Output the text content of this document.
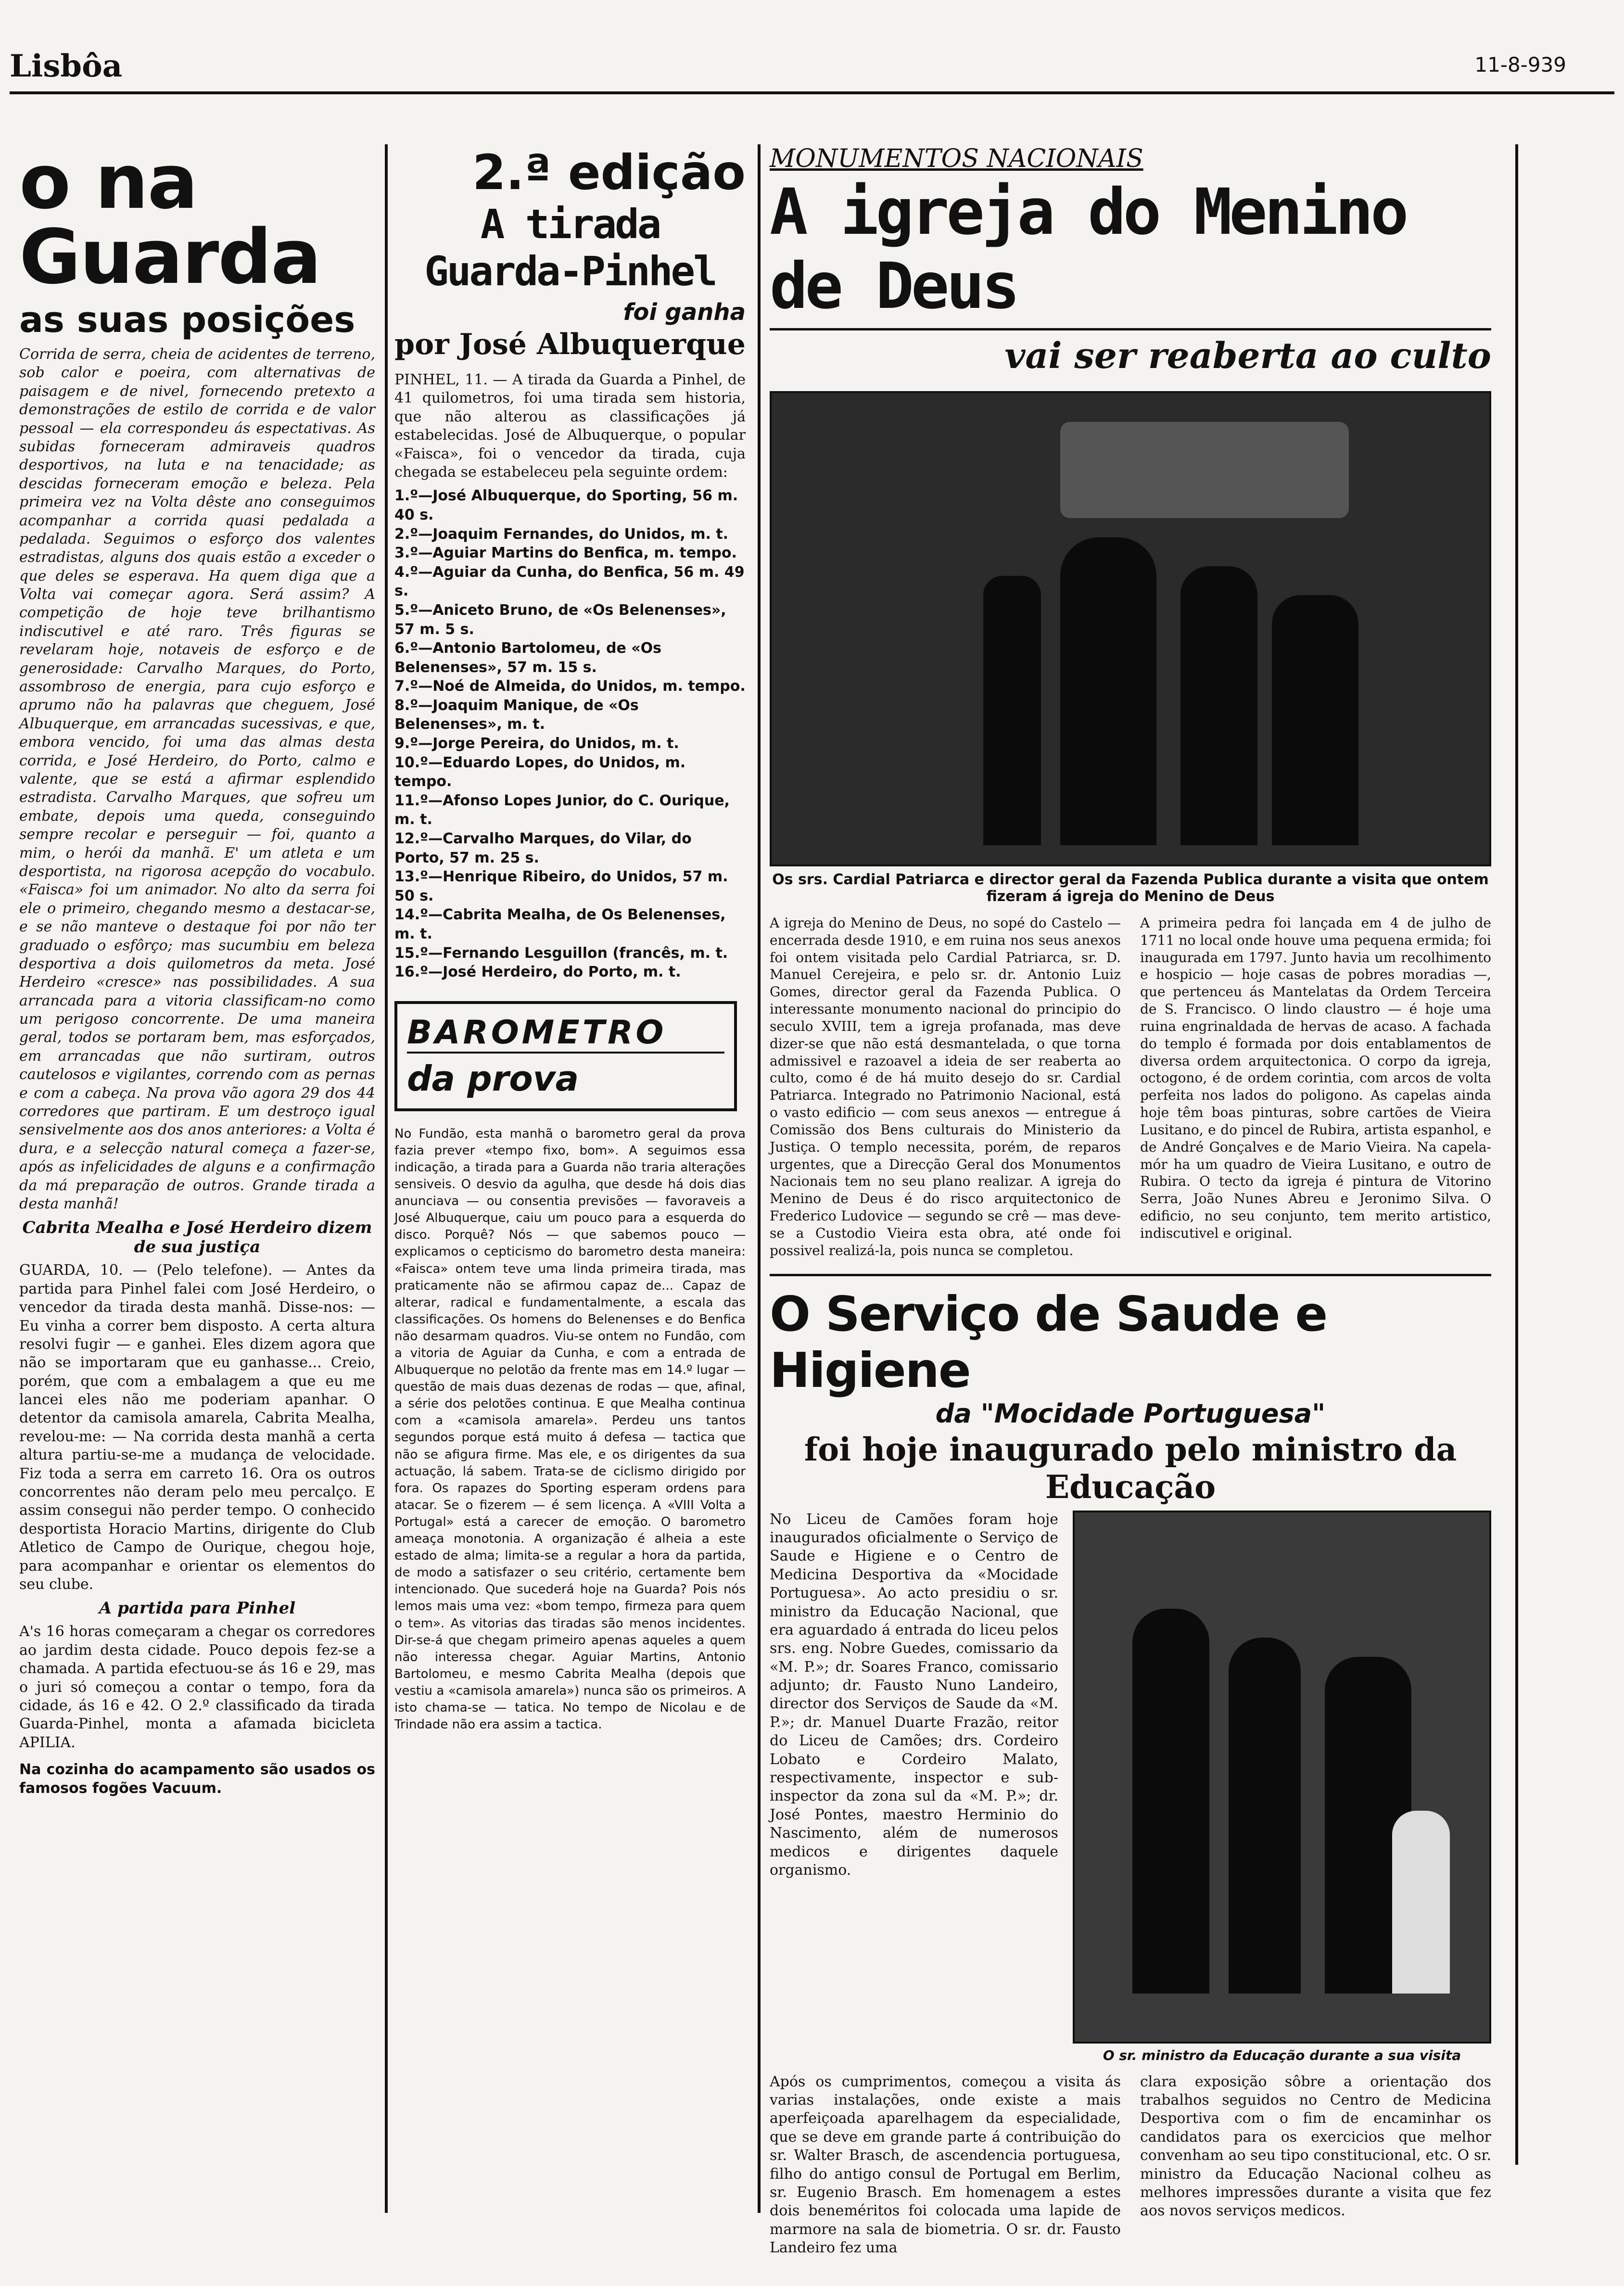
Lisbôa	11-8-939
o na Guarda
as suas posições
Corrida de serra, cheia de acidentes de terreno, sob calor e poeira, com alternativas de paisagem e de nivel, fornecendo pretexto a demonstrações de estilo de corrida e de valor pessoal — ela correspondeu ás espectativas. As subidas forneceram admiraveis quadros desportivos, na luta e na tenacidade; as descidas forneceram emoção e beleza. Pela primeira vez na Volta dêste ano conseguimos acompanhar a corrida quasi pedalada a pedalada. Seguimos o esforço dos valentes estradistas, alguns dos quais estão a exceder o que deles se esperava. Ha quem diga que a Volta vai começar agora. Será assim? A competição de hoje teve brilhantismo indiscutivel e até raro. Três figuras se revelaram hoje, notaveis de esforço e de generosidade: Carvalho Marques, do Porto, assombroso de energia, para cujo esforço e aprumo não ha palavras que cheguem, José Albuquerque, em arrancadas sucessivas, e que, embora vencido, foi uma das almas desta corrida, e José Herdeiro, do Porto, calmo e valente, que se está a afirmar esplendido estradista. Carvalho Marques, que sofreu um embate, depois uma queda, conseguindo sempre recolar e perseguir — foi, quanto a mim, o herói da manhã. E' um atleta e um desportista, na rigorosa acepção do vocabulo. «Faisca» foi um animador. No alto da serra foi ele o primeiro, chegando mesmo a destacar-se, e se não manteve o destaque foi por não ter graduado o esfôrço; mas sucumbiu em beleza desportiva a dois quilometros da meta. José Herdeiro «cresce» nas possibilidades. A sua arrancada para a vitoria classificam-no como um perigoso concorrente. De uma maneira geral, todos se portaram bem, mas esforçados, em arrancadas que não surtiram, outros cautelosos e vigilantes, correndo com as pernas e com a cabeça. Na prova vão agora 29 dos 44 corredores que partiram. E um destroço igual sensivelmente aos dos anos anteriores: a Volta é dura, e a selecção natural começa a fazer-se, após as infelicidades de alguns e a confirmação da má preparação de outros. Grande tirada a desta manhã!
Cabrita Mealha e José Herdeiro dizem de sua justiça
GUARDA, 10. — (Pelo telefone). — Antes da partida para Pinhel falei com José Herdeiro, o vencedor da tirada desta manhã. Disse-nos: — Eu vinha a correr bem disposto. A certa altura resolvi fugir — e ganhei. Eles dizem agora que não se importaram que eu ganhasse... Creio, porém, que com a embalagem a que eu me lancei eles não me poderiam apanhar. O detentor da camisola amarela, Cabrita Mealha, revelou-me: — Na corrida desta manhã a certa altura partiu-se-me a mudança de velocidade. Fiz toda a serra em carreto 16. Ora os outros concorrentes não deram pelo meu percalço. E assim consegui não perder tempo. O conhecido desportista Horacio Martins, dirigente do Club Atletico de Campo de Ourique, chegou hoje, para acompanhar e orientar os elementos do seu clube.
A partida para Pinhel
A's 16 horas começaram a chegar os corredores ao jardim desta cidade. Pouco depois fez-se a chamada. A partida efectuou-se ás 16 e 29, mas o juri só começou a contar o tempo, fora da cidade, ás 16 e 42. O 2.º classificado da tirada Guarda-Pinhel, monta a afamada bicicleta APILIA.
Na cozinha do acampamento são usados os famosos fogões Vacuum.
2.ª edição
A tirada Guarda-Pinhel
foi ganha
por José Albuquerque
PINHEL, 11. — A tirada da Guarda a Pinhel, de 41 quilometros, foi uma tirada sem historia, que não alterou as classificações já estabelecidas. José de Albuquerque, o popular «Faisca», foi o vencedor da tirada, cuja chegada se estabeleceu pela seguinte ordem:
1.º—José Albuquerque, do Sporting, 56 m. 40 s.
2.º—Joaquim Fernandes, do Unidos, m. t.
3.º—Aguiar Martins do Benfica, m. tempo.
4.º—Aguiar da Cunha, do Benfica, 56 m. 49 s.
5.º—Aniceto Bruno, de «Os Belenenses», 57 m. 5 s.
6.º—Antonio Bartolomeu, de «Os Belenenses», 57 m. 15 s.
7.º—Noé de Almeida, do Unidos, m. tempo.
8.º—Joaquim Manique, de «Os Belenenses», m. t.
9.º—Jorge Pereira, do Unidos, m. t.
10.º—Eduardo Lopes, do Unidos, m. tempo.
11.º—Afonso Lopes Junior, do C. Ourique, m. t.
12.º—Carvalho Marques, do Vilar, do Porto, 57 m. 25 s.
13.º—Henrique Ribeiro, do Unidos, 57 m. 50 s.
14.º—Cabrita Mealha, de Os Belenenses, m. t.
15.º—Fernando Lesguillon (francês, m. t.
16.º—José Herdeiro, do Porto, m. t.
BAROMETRO
da prova
No Fundão, esta manhã o barometro geral da prova fazia prever «tempo fixo, bom». A seguimos essa indicação, a tirada para a Guarda não traria alterações sensiveis. O desvio da agulha, que desde há dois dias anunciava — ou consentia previsões — favoraveis a José Albuquerque, caiu um pouco para a esquerda do disco. Porquê? Nós — que sabemos pouco — explicamos o cepticismo do barometro desta maneira: «Faisca» ontem teve uma linda primeira tirada, mas praticamente não se afirmou capaz de... Capaz de alterar, radical e fundamentalmente, a escala das classificações. Os homens do Belenenses e do Benfica não desarmam quadros. Viu-se ontem no Fundão, com a vitoria de Aguiar da Cunha, e com a entrada de Albuquerque no pelotão da frente mas em 14.º lugar — questão de mais duas dezenas de rodas — que, afinal, a série dos pelotões continua. E que Mealha continua com a «camisola amarela». Perdeu uns tantos segundos porque está muito á defesa — tactica que não se afigura firme. Mas ele, e os dirigentes da sua actuação, lá sabem. Trata-se de ciclismo dirigido por fora. Os rapazes do Sporting esperam ordens para atacar. Se o fizerem — é sem licença. A «VIII Volta a Portugal» está a carecer de emoção. O barometro ameaça monotonia. A organização é alheia a este estado de alma; limita-se a regular a hora da partida, de modo a satisfazer o seu critério, certamente bem intencionado. Que sucederá hoje na Guarda? Pois nós lemos mais uma vez: «bom tempo, firmeza para quem o tem». As vitorias das tiradas são menos incidentes. Dir-se-á que chegam primeiro apenas aqueles a quem não interessa chegar. Aguiar Martins, Antonio Bartolomeu, e mesmo Cabrita Mealha (depois que vestiu a «camisola amarela») nunca são os primeiros. A isto chama-se — tatica. No tempo de Nicolau e de Trindade não era assim a tactica.
MONUMENTOS NACIONAIS
A igreja do Menino de Deus
vai ser reaberta ao culto
Os srs. Cardial Patriarca e director geral da Fazenda Publica durante a visita que ontem fizeram á igreja do Menino de Deus
A igreja do Menino de Deus, no sopé do Castelo — encerrada desde 1910, e em ruina nos seus anexos foi ontem visitada pelo Cardial Patriarca, sr. D. Manuel Cerejeira, e pelo sr. dr. Antonio Luiz Gomes, director geral da Fazenda Publica. O interessante monumento nacional do principio do seculo XVIII, tem a igreja profanada, mas deve dizer-se que não está desmantelada, o que torna admissivel e razoavel a ideia de ser reaberta ao culto, como é de há muito desejo do sr. Cardial Patriarca. Integrado no Patrimonio Nacional, está o vasto edificio — com seus anexos — entregue á Comissão dos Bens culturais do Ministerio da Justiça. O templo necessita, porém, de reparos urgentes, que a Direcção Geral dos Monumentos Nacionais tem no seu plano realizar. A igreja do Menino de Deus é do risco arquitectonico de Frederico Ludovice — segundo se crê — mas deve-se a Custodio Vieira esta obra, até onde foi possivel realizá-la, pois nunca se completou.
A primeira pedra foi lançada em 4 de julho de 1711 no local onde houve uma pequena ermida; foi inaugurada em 1797. Junto havia um recolhimento e hospicio — hoje casas de pobres moradias —, que pertenceu ás Mantelatas da Ordem Terceira de S. Francisco. O lindo claustro — é hoje uma ruina engrinaldada de hervas de acaso. A fachada do templo é formada por dois entablamentos de diversa ordem arquitectonica. O corpo da igreja, octogono, é de ordem corintia, com arcos de volta perfeita nos lados do poligono. As capelas ainda hoje têm boas pinturas, sobre cartões de Vieira Lusitano, e do pincel de Rubira, artista espanhol, e de André Gonçalves e de Mario Vieira. Na capela-mór ha um quadro de Vieira Lusitano, e outro de Rubira. O tecto da igreja é pintura de Vitorino Serra, João Nunes Abreu e Jeronimo Silva. O edificio, no seu conjunto, tem merito artistico, indiscutivel e original.
O Serviço de Saude e Higiene
da "Mocidade Portuguesa"
foi hoje inaugurado pelo ministro da Educação
No Liceu de Camões foram hoje inaugurados oficialmente o Serviço de Saude e Higiene e o Centro de Medicina Desportiva da «Mocidade Portuguesa». Ao acto presidiu o sr. ministro da Educação Nacional, que era aguardado á entrada do liceu pelos srs. eng. Nobre Guedes, comissario da «M. P.»; dr. Soares Franco, comissario adjunto; dr. Fausto Nuno Landeiro, director dos Serviços de Saude da «M. P.»; dr. Manuel Duarte Frazão, reitor do Liceu de Camões; drs. Cordeiro Lobato e Cordeiro Malato, respectivamente, inspector e sub-inspector da zona sul da «M. P.»; dr. José Pontes, maestro Herminio do Nascimento, além de numerosos medicos e dirigentes daquele organismo.
O sr. ministro da Educação durante a sua visita
Após os cumprimentos, começou a visita ás varias instalações, onde existe a mais aperfeiçoada aparelhagem da especialidade, que se deve em grande parte á contribuição do sr. Walter Brasch, de ascendencia portuguesa, filho do antigo consul de Portugal em Berlim, sr. Eugenio Brasch. Em homenagem a estes dois beneméritos foi colocada uma lapide de marmore na sala de biometria. O sr. dr. Fausto Landeiro fez uma
clara exposição sôbre a orientação dos trabalhos seguidos no Centro de Medicina Desportiva com o fim de encaminhar os candidatos para os exercicios que melhor convenham ao seu tipo constitucional, etc. O sr. ministro da Educação Nacional colheu as melhores impressões durante a visita que fez aos novos serviços medicos.
